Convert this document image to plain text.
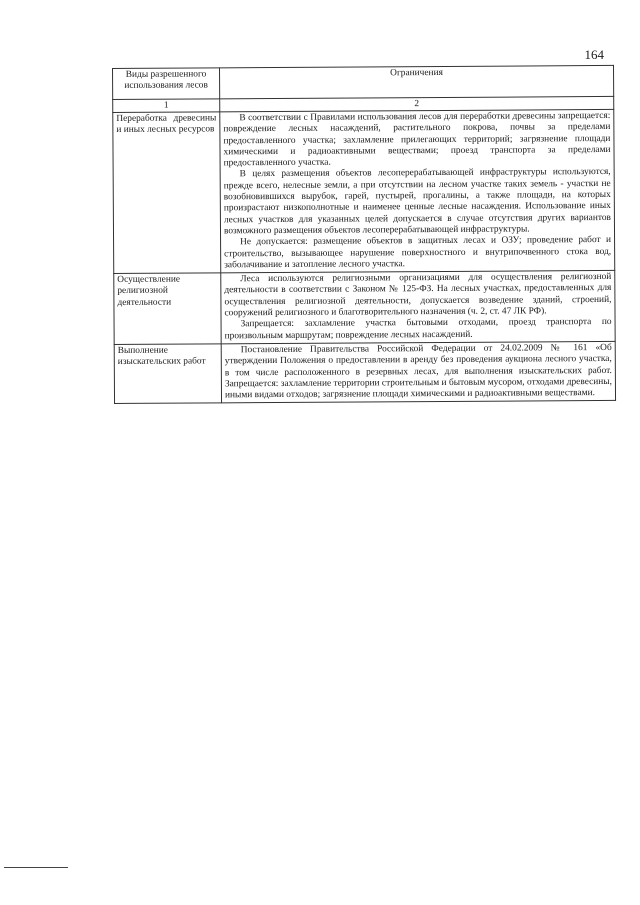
164
Виды разрешенного использования лесов	Ограничения
1	2
Переработка древесины и иных лесных ресурсов	В соответствии с Правилами использования лесов для переработки древесины запрещается: повреждение лесных насаждений, растительного покрова, почвы за пределами предоставленного участка; захламление прилегающих территорий; загрязнение площади химическими и радиоактивными веществами; проезд транспорта за пределами предоставленного участка.

В целях размещения объектов лесоперерабатывающей инфраструктуры используются, прежде всего, нелесные земли, а при отсутствии на лесном участке таких земель - участки не возобновившихся вырубок, гарей, пустырей, прогалины, а также площади, на которых произрастают низкополнотные и наименее ценные лесные насаждения. Использование иных лесных участков для указанных целей допускается в случае отсутствия других вариантов возможного размещения объектов лесоперерабатывающей инфраструктуры.

Не допускается: размещение объектов в защитных лесах и ОЗУ; проведение работ и строительство, вызывающее нарушение поверхностного и внутрипочвенного стока вод, заболачивание и затопление лесного участка.

Осуществление религиозной деятельности	Леса используются религиозными организациями для осуществления религиозной деятельности в соответствии с Законом № 125-ФЗ. На лесных участках, предоставленных для осуществления религиозной деятельности, допускается возведение зданий, строений, сооружений религиозного и благотворительного назначения (ч. 2, ст. 47 ЛК РФ).

Запрещается: захламление участка бытовыми отходами, проезд транспорта по произвольным маршрутам; повреждение лесных насаждений.

Выполнение изыскательских работ	Постановление Правительства Российской Федерации от 24.02.2009 № 161 «Об утверждении Положения о предоставлении в аренду без проведения аукциона лесного участка, в том числе расположенного в резервных лесах, для выполнения изыскательских работ. Запрещается: захламление территории строительным и бытовым мусором, отходами древесины, иными видами отходов; загрязнение площади химическими и радиоактивными веществами.
